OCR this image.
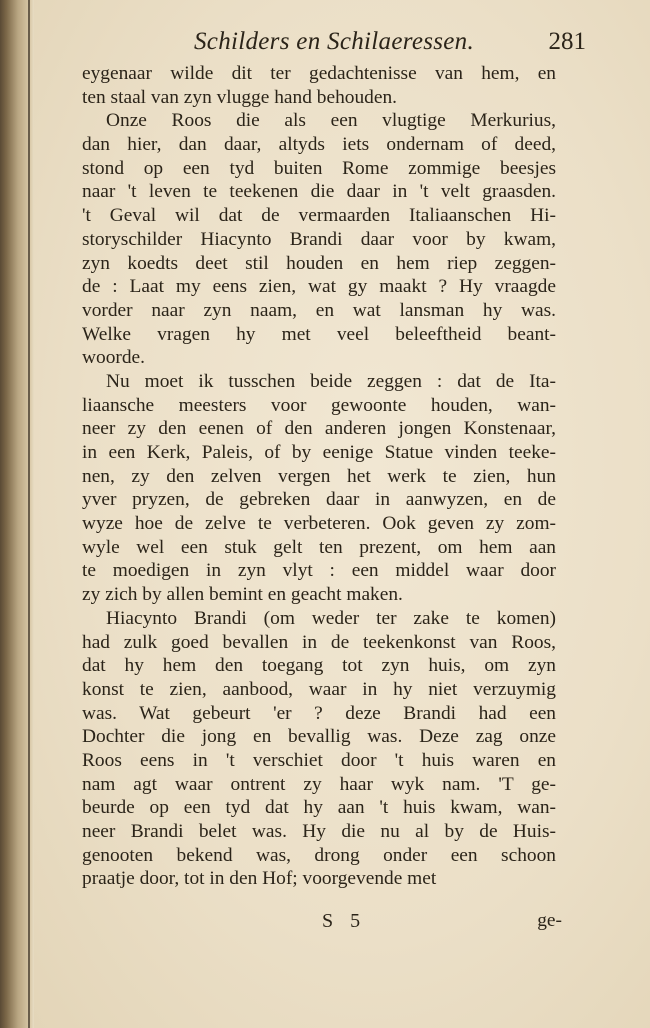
Schilders en Schilaeressen.	281
eygenaar wilde dit ter gedachtenisse van hem, en
ten staal van zyn vlugge hand behouden.
Onze Roos die als een vlugtige Merkurius,
dan hier, dan daar, altyds iets ondernam of deed,
stond op een tyd buiten Rome zommige beesjes
naar 't leven te teekenen die daar in 't velt graasden.
't Geval wil dat de vermaarden Italiaanschen Hi-
storyschilder Hiacynto Brandi daar voor by kwam,
zyn koedts deet stil houden en hem riep zeggen-
de : Laat my eens zien, wat gy maakt ? Hy vraagde
vorder naar zyn naam, en wat lansman hy was.
Welke vragen hy met veel beleeftheid beant-
woorde.
Nu moet ik tusschen beide zeggen : dat de Ita-
liaansche meesters voor gewoonte houden, wan-
neer zy den eenen of den anderen jongen Konstenaar,
in een Kerk, Paleis, of by eenige Statue vinden teeke-
nen, zy den zelven vergen het werk te zien, hun
yver pryzen, de gebreken daar in aanwyzen, en de
wyze hoe de zelve te verbeteren. Ook geven zy zom-
wyle wel een stuk gelt ten prezent, om hem aan
te moedigen in zyn vlyt : een middel waar door
zy zich by allen bemint en geacht maken.
Hiacynto Brandi (om weder ter zake te komen)
had zulk goed bevallen in de teekenkonst van Roos,
dat hy hem den toegang tot zyn huis, om zyn
konst te zien, aanbood, waar in hy niet verzuymig
was. Wat gebeurt 'er ? deze Brandi had een
Dochter die jong en bevallig was. Deze zag onze
Roos eens in 't verschiet door 't huis waren en
nam agt waar ontrent zy haar wyk nam. 'T ge-
beurde op een tyd dat hy aan 't huis kwam, wan-
neer Brandi belet was. Hy die nu al by de Huis-
genooten bekend was, drong onder een schoon
praatje door, tot in den Hof; voorgevende met
S 5	ge-
